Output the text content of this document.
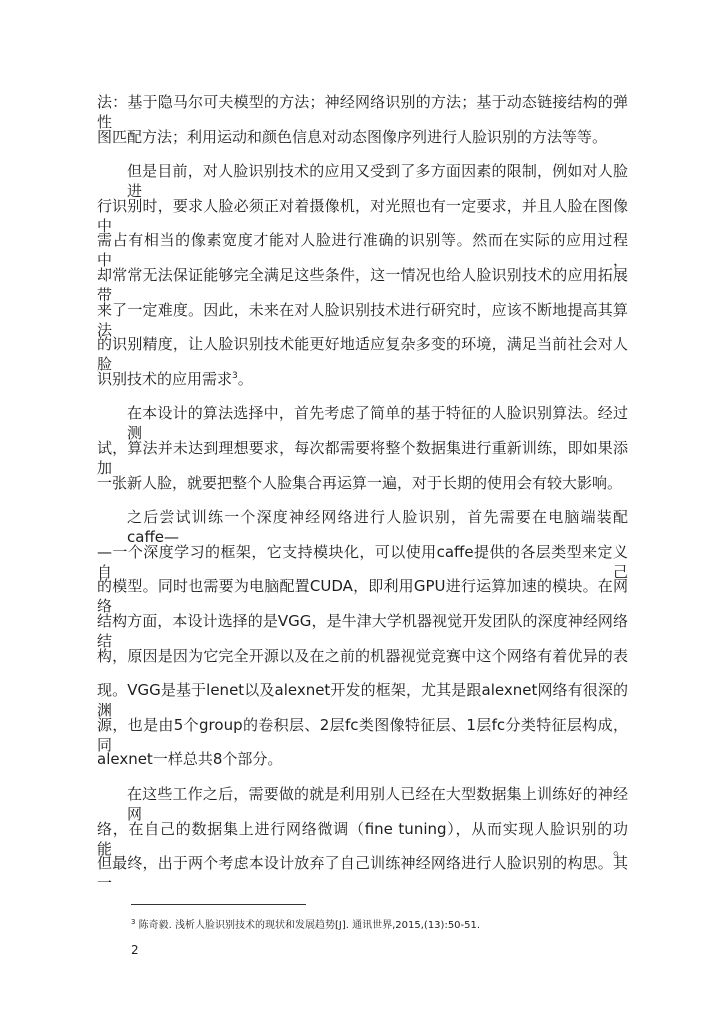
法：基于隐马尔可夫模型的方法；神经网络识别的方法；基于动态链接结构的弹性
图匹配方法；利用运动和颜色信息对动态图像序列进行人脸识别的方法等等。
但是目前，对人脸识别技术的应用又受到了多方面因素的限制，例如对人脸进
行识别时，要求人脸必须正对着摄像机，对光照也有一定要求，并且人脸在图像中
需占有相当的像素宽度才能对人脸进行准确的识别等。然而在实际的应用过程中，
却常常无法保证能够完全满足这些条件，这一情况也给人脸识别技术的应用拓展带
来了一定难度。因此，未来在对人脸识别技术进行研究时，应该不断地提高其算法
的识别精度，让人脸识别技术能更好地适应复杂多变的环境，满足当前社会对人脸
识别技术的应用需求$^3$。
在本设计的算法选择中，首先考虑了简单的基于特征的人脸识别算法。经过测
试，算法并未达到理想要求，每次都需要将整个数据集进行重新训练，即如果添加
一张新人脸，就要把整个人脸集合再运算一遍，对于长期的使用会有较大影响。
之后尝试训练一个深度神经网络进行人脸识别，首先需要在电脑端装配caffe—
—一个深度学习的框架，它支持模块化，可以使用caffe提供的各层类型来定义自己
的模型。同时也需要为电脑配置CUDA，即利用GPU进行运算加速的模块。在网络
结构方面，本设计选择的是VGG，是牛津大学机器视觉开发团队的深度神经网络结
构，原因是因为它完全开源以及在之前的机器视觉竞赛中这个网络有着优异的表
现。VGG是基于lenet以及alexnet开发的框架，尤其是跟alexnet网络有很深的渊
源，也是由5个group的卷积层、2层fc类图像特征层、1层fc分类特征层构成，同
alexnet一样总共8个部分。
在这些工作之后，需要做的就是利用别人已经在大型数据集上训练好的神经网
络，在自己的数据集上进行网络微调（fine tuning），从而实现人脸识别的功能。
但最终，出于两个考虑本设计放弃了自己训练神经网络进行人脸识别的构思。其一
$^3$ 陈奇毅. 浅析人脸识别技术的现状和发展趋势[J]. 通讯世界,2015,(13):50-51.
2
